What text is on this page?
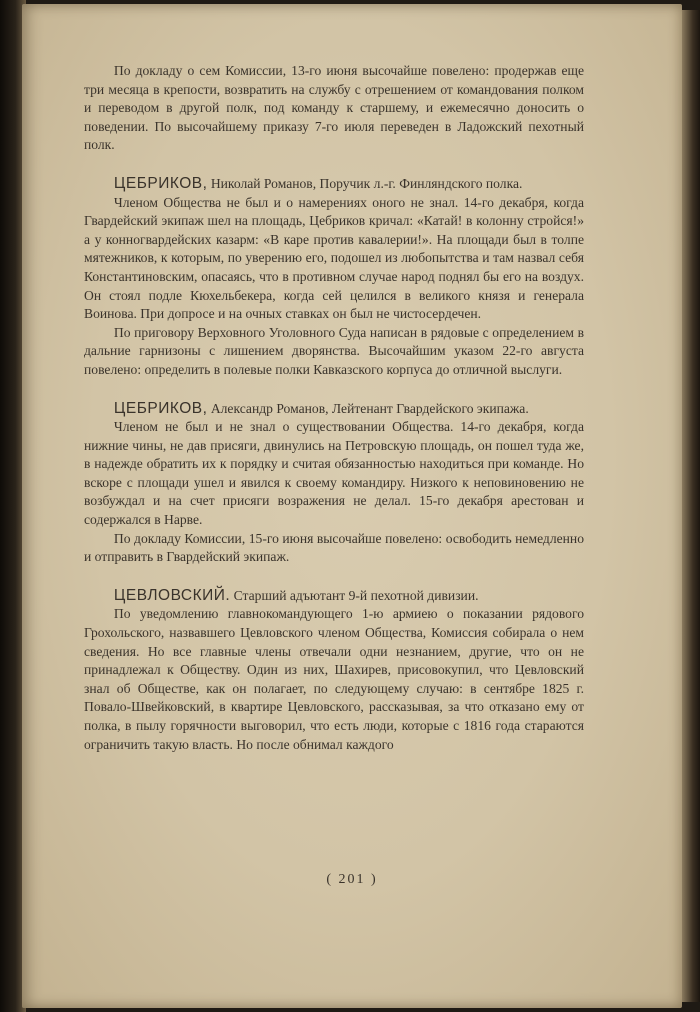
По докладу о сем Комиссии, 13-го июня высочайше повелено: продержав еще три месяца в крепости, возвратить на службу с отрешением от командования полком и переводом в другой полк, под команду к старшему, и ежемесячно доносить о поведении. По высочайшему приказу 7-го июля переведен в Ладожский пехотный полк.

ЦЕБРИКОВ, Николай Романов, Поручик л.-г. Финляндского полка.

Членом Общества не был и о намерениях оного не знал. 14-го декабря, когда Гвардейский экипаж шел на площадь, Цебриков кричал: «Катай! в колонну стройся!» а у конногвардейских казарм: «В каре против кавалерии!». На площади был в толпе мятежников, к которым, по уверению его, подошел из любопытства и там назвал себя Константиновским, опасаясь, что в противном случае народ поднял бы его на воздух. Он стоял подле Кюхельбекера, когда сей целился в великого князя и генерала Воинова. При допросе и на очных ставках он был не чистосердечен.

По приговору Верховного Уголовного Суда написан в рядовые с определением в дальние гарнизоны с лишением дворянства. Высочайшим указом 22-го августа повелено: определить в полевые полки Кавказского корпуса до отличной выслуги.

ЦЕБРИКОВ, Александр Романов, Лейтенант Гвардейского экипажа.

Членом не был и не знал о существовании Общества. 14-го декабря, когда нижние чины, не дав присяги, двинулись на Петровскую площадь, он пошел туда же, в надежде обратить их к порядку и считая обязанностью находиться при команде. Но вскоре с площади ушел и явился к своему командиру. Низкого к неповиновению не возбуждал и на счет присяги возражения не делал. 15-го декабря арестован и содержался в Нарве.

По докладу Комиссии, 15-го июня высочайше повелено: освободить немедленно и отправить в Гвардейский экипаж.

ЦЕВЛОВСКИЙ. Старший адъютант 9-й пехотной дивизии.

По уведомлению главнокомандующего 1-ю армиею о показании рядового Грохольского, назвавшего Цевловского членом Общества, Комиссия собирала о нем сведения. Но все главные члены отвечали одни незнанием, другие, что он не принадлежал к Обществу. Один из них, Шахирев, присовокупил, что Цевловский знал об Обществе, как он полагает, по следующему случаю: в сентябре 1825 г. Повало-Швейковский, в квартире Цевловского, рассказывая, за что отказано ему от полка, в пылу горячности выговорил, что есть люди, которые с 1816 года стараются ограничить такую власть. Но после обнимал каждого

( 201 )
